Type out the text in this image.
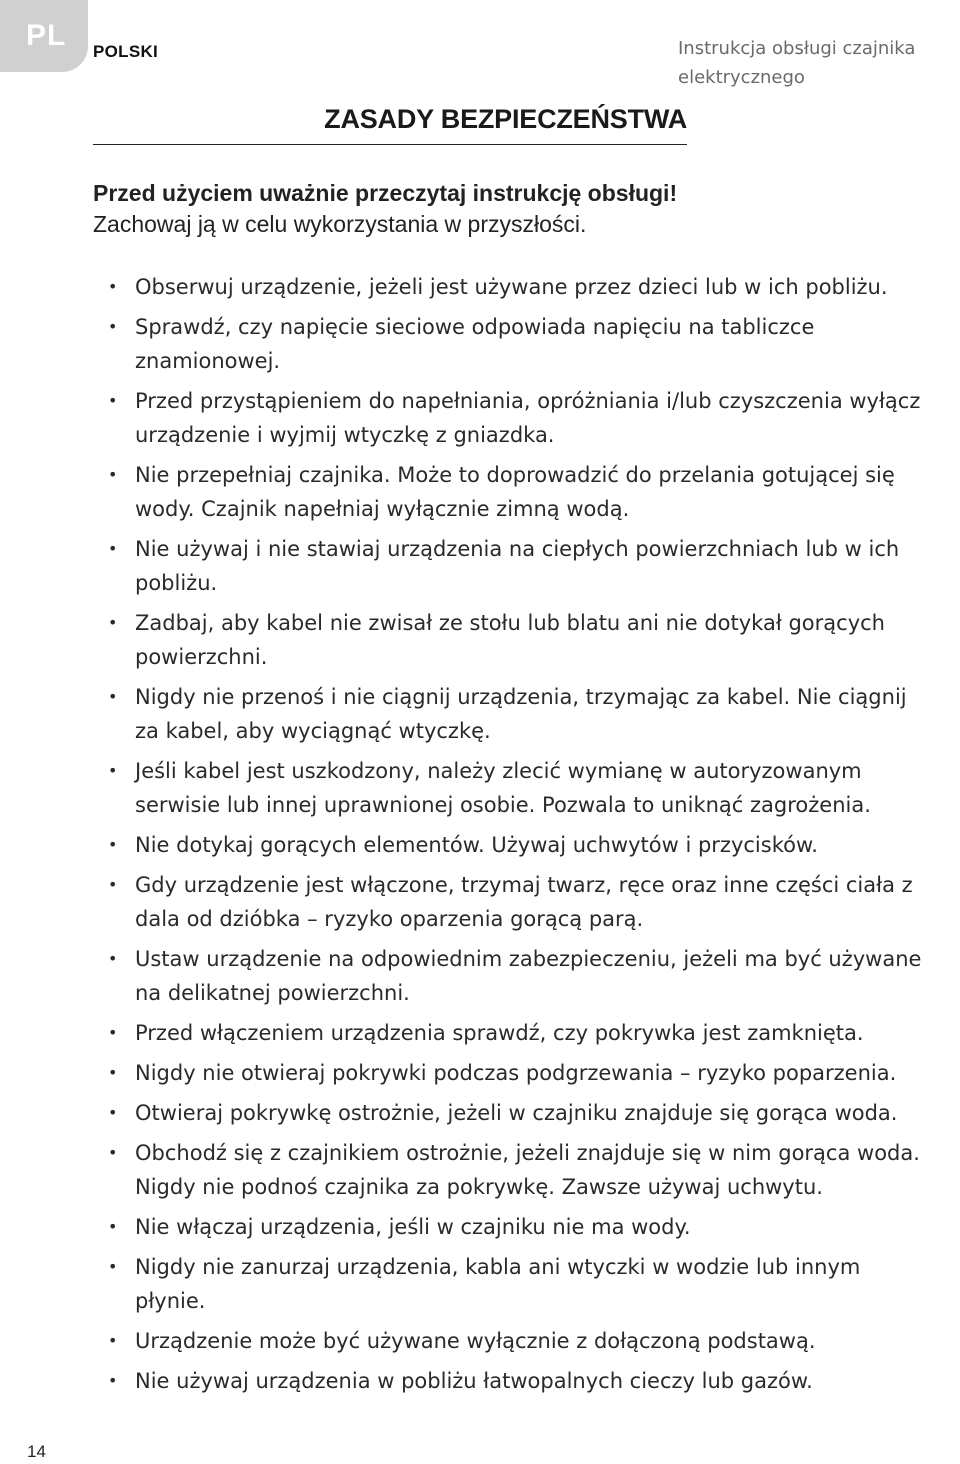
PL	POLSKI	Instrukcja obsługi czajnika elektrycznego
ZASADY BEZPIECZEŃSTWA
Przed użyciem uważnie przeczytaj instrukcję obsługi!
Zachowaj ją w celu wykorzystania w przyszłości.
• Obserwuj urządzenie, jeżeli jest używane przez dzieci lub w ich pobliżu.
• Sprawdź, czy napięcie sieciowe odpowiada napięciu na tabliczce znamionowej.
• Przed przystąpieniem do napełniania, opróżniania i/lub czyszczenia wyłącz urządzenie i wyjmij wtyczkę z gniazdka.
• Nie przepełniaj czajnika. Może to doprowadzić do przelania gotującej się wody. Czajnik napełniaj wyłącznie zimną wodą.
• Nie używaj i nie stawiaj urządzenia na ciepłych powierzchniach lub w ich pobliżu.
• Zadbaj, aby kabel nie zwisał ze stołu lub blatu ani nie dotykał gorących powierzchni.
• Nigdy nie przenoś i nie ciągnij urządzenia, trzymając za kabel. Nie ciągnij za kabel, aby wyciągnąć wtyczkę.
• Jeśli kabel jest uszkodzony, należy zlecić wymianę w autoryzowanym serwisie lub innej uprawnionej osobie. Pozwala to uniknąć zagrożenia.
• Nie dotykaj gorących elementów. Używaj uchwytów i przycisków.
• Gdy urządzenie jest włączone, trzymaj twarz, ręce oraz inne części ciała z dala od dzióbka – ryzyko oparzenia gorącą parą.
• Ustaw urządzenie na odpowiednim zabezpieczeniu, jeżeli ma być używane na delikatnej powierzchni.
• Przed włączeniem urządzenia sprawdź, czy pokrywka jest zamknięta.
• Nigdy nie otwieraj pokrywki podczas podgrzewania – ryzyko poparzenia.
• Otwieraj pokrywkę ostrożnie, jeżeli w czajniku znajduje się gorąca woda.
• Obchodź się z czajnikiem ostrożnie, jeżeli znajduje się w nim gorąca woda. Nigdy nie podnoś czajnika za pokrywkę. Zawsze używaj uchwytu.
• Nie włączaj urządzenia, jeśli w czajniku nie ma wody.
• Nigdy nie zanurzaj urządzenia, kabla ani wtyczki w wodzie lub innym płynie.
• Urządzenie może być używane wyłącznie z dołączoną podstawą.
• Nie używaj urządzenia w pobliżu łatwopalnych cieczy lub gazów.
14
